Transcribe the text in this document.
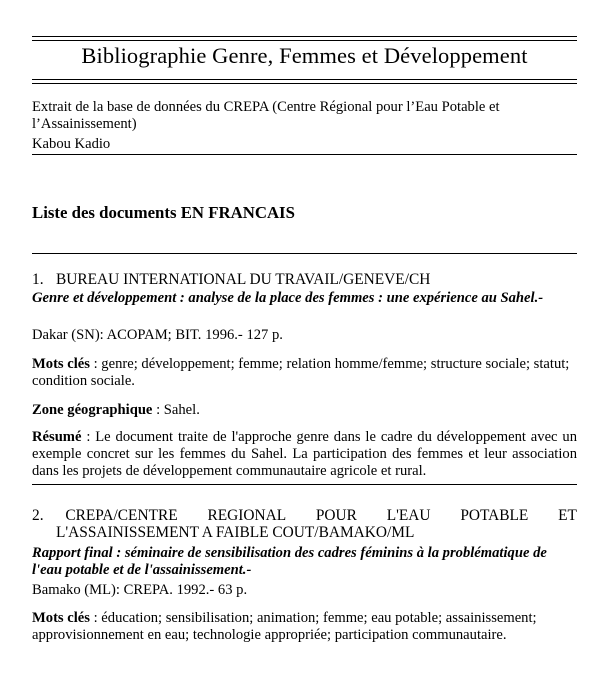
Bibliographie Genre, Femmes et Développement
Extrait de la base de données du CREPA (Centre Régional pour l’Eau Potable et l’Assainissement)
Kabou Kadio
Liste des documents EN FRANCAIS
1. BUREAU INTERNATIONAL DU TRAVAIL/GENEVE/CH
Genre et développement : analyse de la place des femmes : une expérience au Sahel.-
Dakar (SN): ACOPAM; BIT. 1996.- 127 p.
Mots clés : genre; développement; femme; relation homme/femme; structure sociale; statut; condition sociale.
Zone géographique : Sahel.
Résumé : Le document traite de l'approche genre dans le cadre du développement avec un exemple concret sur les femmes du Sahel. La participation des femmes et leur association dans les projets de développement communautaire agricole et rural.
2. CREPA/CENTRE REGIONAL POUR L'EAU POTABLE ET
L'ASSAINISSEMENT A FAIBLE COUT/BAMAKO/ML
Rapport final : séminaire de sensibilisation des cadres féminins à la problématique de l'eau potable et de l'assainissement.-
Bamako (ML): CREPA. 1992.- 63 p.
Mots clés : éducation; sensibilisation; animation; femme; eau potable; assainissement; approvisionnement en eau; technologie appropriée; participation communautaire.
